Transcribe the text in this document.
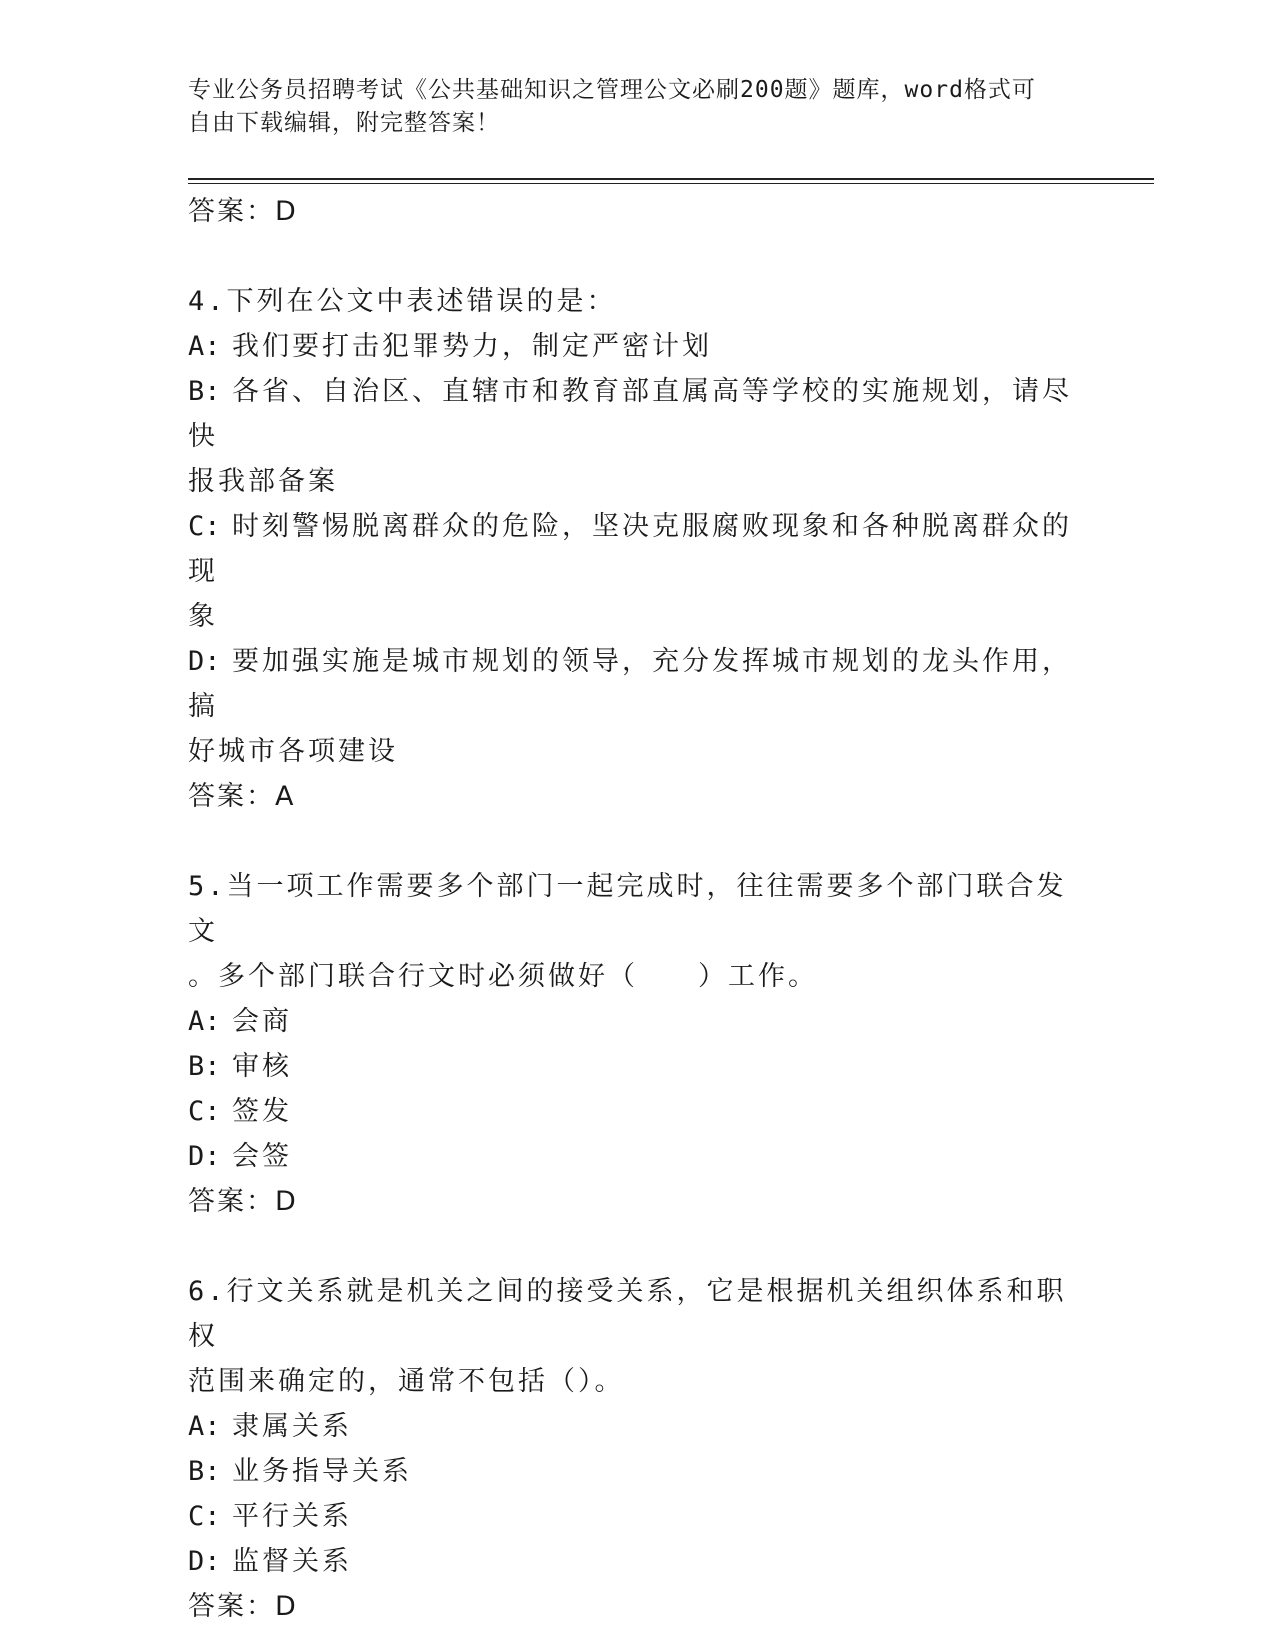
专业公务员招聘考试《公共基础知识之管理公文必刷200题》题库，word格式可
自由下载编辑，附完整答案！
答案：D
4.下列在公文中表述错误的是：
A: 我们要打击犯罪势力，制定严密计划
B: 各省、自治区、直辖市和教育部直属高等学校的实施规划，请尽快
报我部备案
C: 时刻警惕脱离群众的危险，坚决克服腐败现象和各种脱离群众的现
象
D: 要加强实施是城市规划的领导，充分发挥城市规划的龙头作用，搞
好城市各项建设
答案：A
5.当一项工作需要多个部门一起完成时，往往需要多个部门联合发文
。多个部门联合行文时必须做好（　　）工作。
A: 会商
B: 审核
C: 签发
D: 会签
答案：D
6.行文关系就是机关之间的接受关系，它是根据机关组织体系和职权
范围来确定的，通常不包括（）。
A: 隶属关系
B: 业务指导关系
C: 平行关系
D: 监督关系
答案：D
